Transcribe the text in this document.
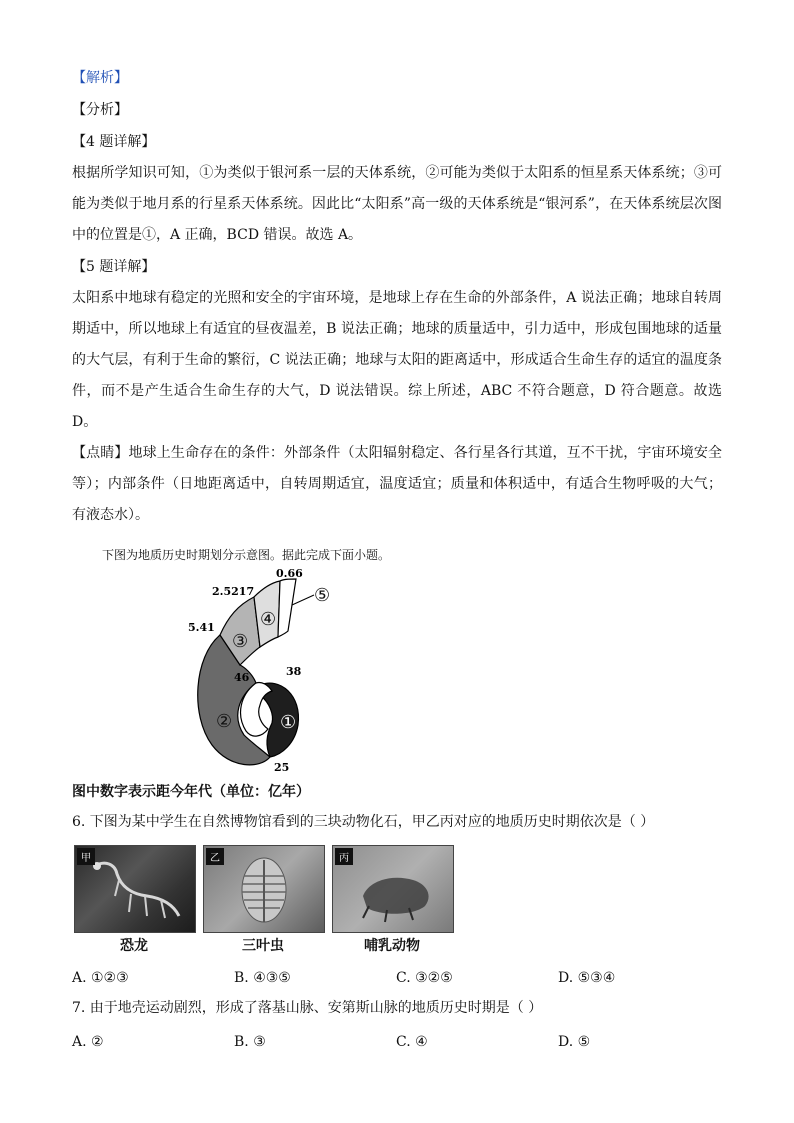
【解析】
【分析】
【4 题详解】
根据所学知识可知，①为类似于银河系一层的天体系统，②可能为类似于太阳系的恒星系天体系统；③可能为类似于地月系的行星系天体系统。因此比“太阳系”高一级的天体系统是“银河系”，在天体系统层次图中的位置是①，A 正确，BCD 错误。故选 A。
【5 题详解】
太阳系中地球有稳定的光照和安全的宇宙环境，是地球上存在生命的外部条件，A 说法正确；地球自转周期适中，所以地球上有适宜的昼夜温差，B 说法正确；地球的质量适中，引力适中，形成包围地球的适量的大气层，有利于生命的繁衍，C 说法正确；地球与太阳的距离适中，形成适合生命生存的适宜的温度条件，而不是产生适合生命生存的大气，D 说法错误。综上所述，ABC 不符合题意，D 符合题意。故选 D。
【点睛】地球上生命存在的条件：外部条件（太阳辐射稳定、各行星各行其道，互不干扰，宇宙环境安全等）；内部条件（日地距离适中，自转周期适宜，温度适宜；质量和体积适中，有适合生物呼吸的大气；有液态水）。
下图为地质历史时期划分示意图。据此完成下面小题。
①
②
③
④
⑤
0.66
2.5217
5.41
46	38
25
图中数字表示距今年代（单位：亿年）
6. 下图为某中学生在自然博物馆看到的三块动物化石，甲乙丙对应的地质历史时期依次是（ ）
甲
恐龙
乙
三叶虫
丙
哺乳动物
A. ①②③	B. ④③⑤	C. ③②⑤	D. ⑤③④
7. 由于地壳运动剧烈，形成了落基山脉、安第斯山脉的地质历史时期是（ ）
A. ②	B. ③	C. ④	D. ⑤
